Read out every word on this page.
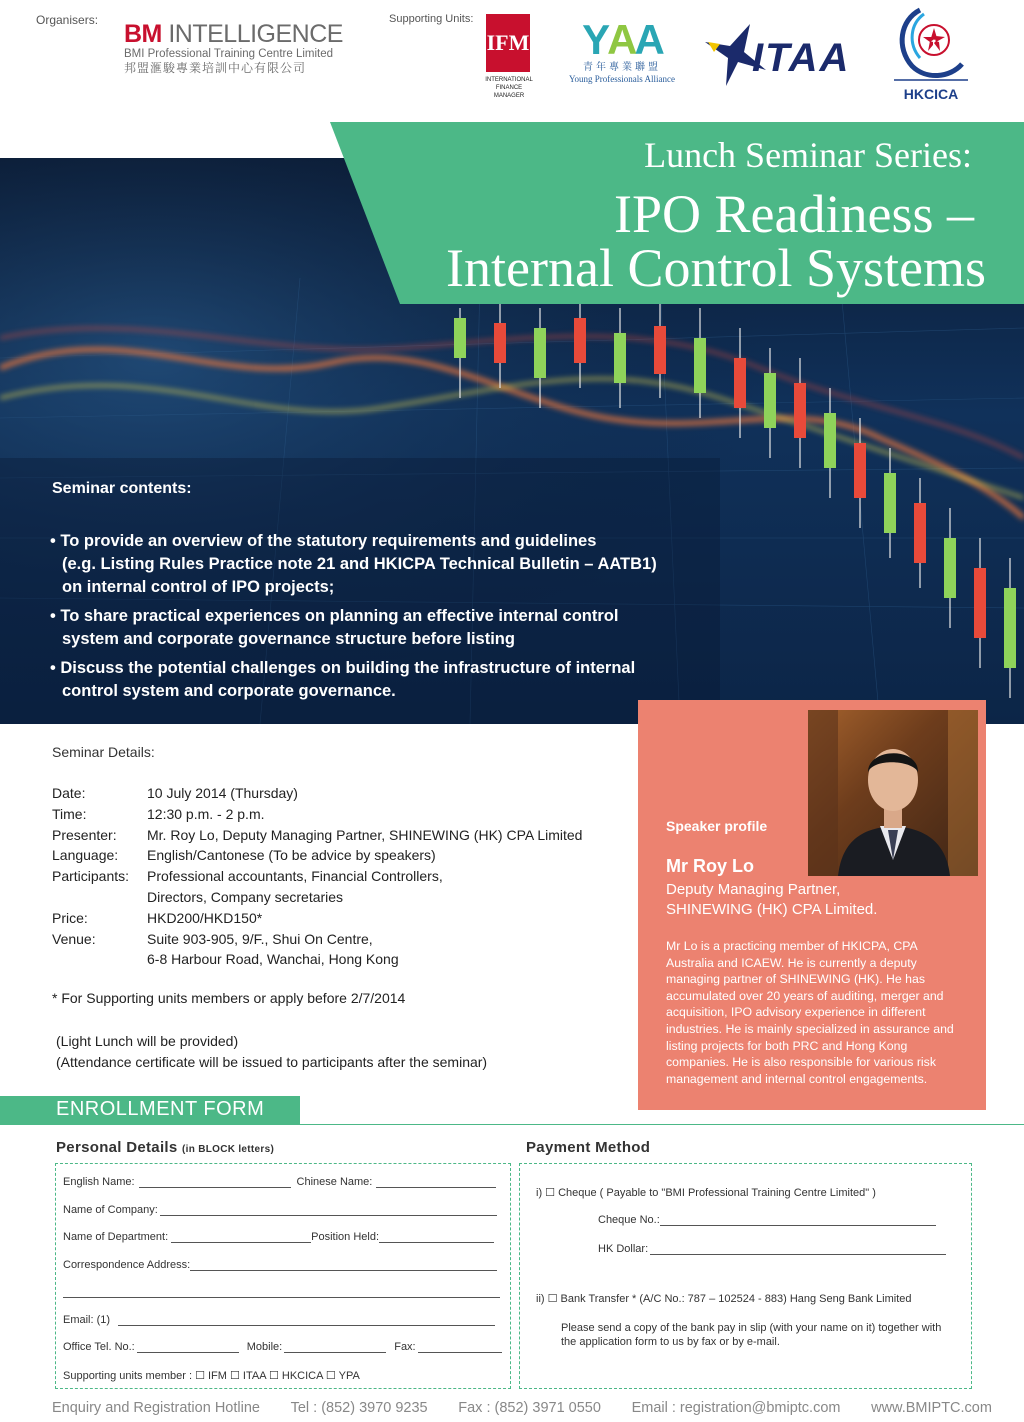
Organisers: BM INTELLIGENCE
BMI Professional Training Centre Limited
邦盟滙駿專業培訓中心有限公司
Supporting Units:
IFM
INTERNATIONAL FINANCE MANAGER
YAA
青年專業聯盟
Young Professionals Alliance ITAA
HKCICA
Lunch Seminar Series:
IPO Readiness –
Internal Control Systems
Seminar contents:
• To provide an overview of the statutory requirements and guidelines
(e.g. Listing Rules Practice note 21 and HKICPA Technical Bulletin – AATB1)
on internal control of IPO projects;
• To share practical experiences on planning an effective internal control
system and corporate governance structure before listing
• Discuss the potential challenges on building the infrastructure of internal
control system and corporate governance.
Seminar Details:
Date:	10 July 2014 (Thursday)
Time:	12:30 p.m. - 2 p.m.
Presenter:	Mr. Roy Lo, Deputy Managing Partner, SHINEWING (HK) CPA Limited
Language:	English/Cantonese (To be advice by speakers)
Participants:	Professional accountants, Financial Controllers,
Directors, Company secretaries
Price:	HKD200/HKD150*
Venue:	Suite 903-905, 9/F., Shui On Centre,
6-8 Harbour Road, Wanchai, Hong Kong
* For Supporting units members or apply before 2/7/2014
(Light Lunch will be provided)
(Attendance certificate will be issued to participants after the seminar)
Speaker profile
Mr Roy Lo
Deputy Managing Partner,
SHINEWING (HK) CPA Limited.
Mr Lo is a practicing member of HKICPA, CPA Australia and ICAEW. He is currently a deputy managing partner of SHINEWING (HK). He has accumulated over 20 years of auditing, merger and acquisition, IPO advisory experience in different industries. He is mainly specialized in assurance and listing projects for both PRC and Hong Kong companies. He is also responsible for various risk management and internal control engagements.
ENROLLMENT FORM
Personal Details (in BLOCK letters)	Payment Method
English Name:	Chinese Name:
Name of Company:
Name of Department:	Position Held:
Correspondence Address:
Email: (1)
Office Tel. No.:	Mobile:	Fax:
Supporting units member : ☐ IFM ☐ ITAA ☐ HKCICA ☐ YPA
i) ☐ Cheque ( Payable to "BMI Professional Training Centre Limited" )
Cheque No.:
HK Dollar:
ii) ☐ Bank Transfer * (A/C No.: 787 – 102524 - 883) Hang Seng Bank Limited
Please send a copy of the bank pay in slip (with your name on it) together with
the application form to us by fax or by e-mail.
Enquiry and Registration Hotline Tel : (852) 3970 9235 Fax : (852) 3971 0550 Email : registration@bmiptc.com www.BMIPTC.com
